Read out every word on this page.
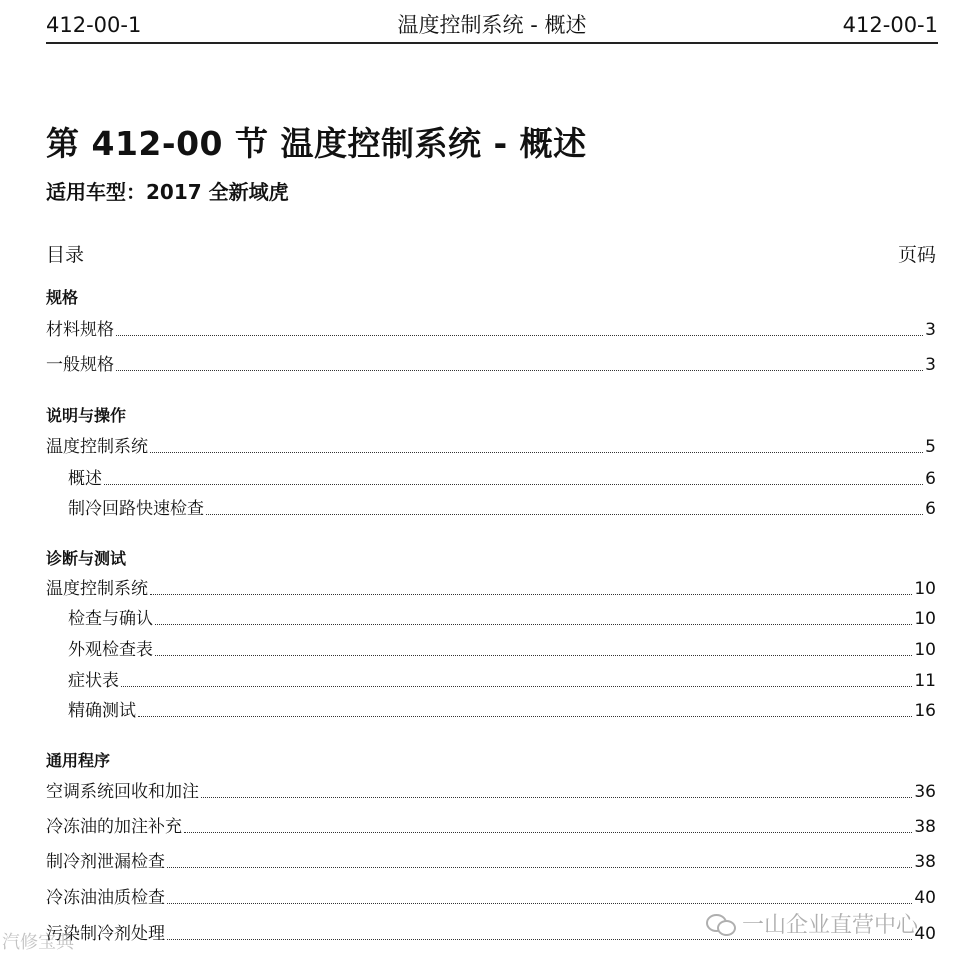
412-00-1	温度控制系统 - 概述	412-00-1
第 412-00 节 温度控制系统 - 概述
适用车型：2017 全新域虎
目录	页码
规格
材料规格	3
一般规格	3
说明与操作
温度控制系统	5
概述	6
制冷回路快速检查	6
诊断与测试
温度控制系统	10
检查与确认	10
外观检查表	10
症状表	11
精确测试	16
通用程序
空调系统回收和加注	36
冷冻油的加注补充	38
制冷剂泄漏检查	38
冷冻油油质检查	40
污染制冷剂处理	40
汽修宝典
一山企业直营中心
